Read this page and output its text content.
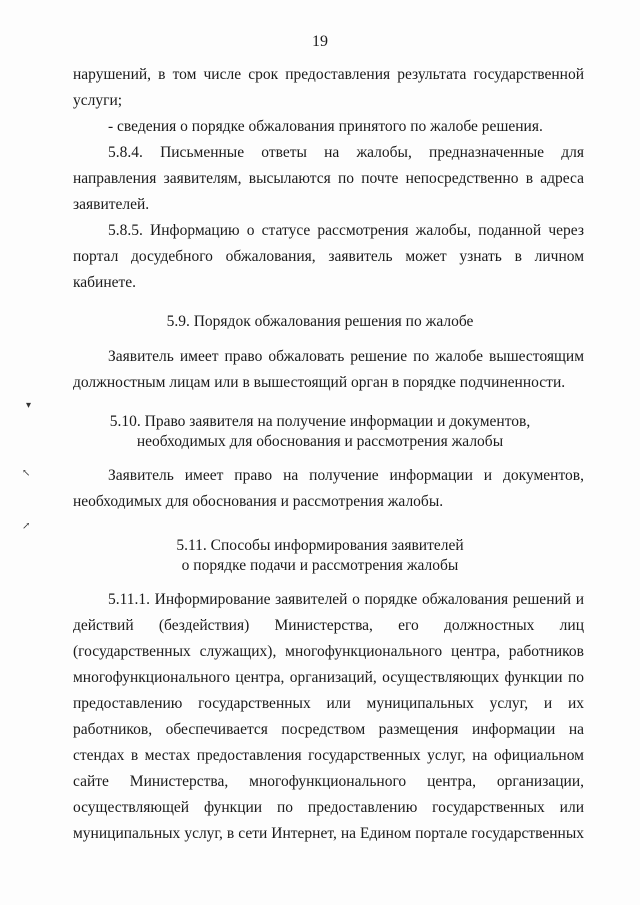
19
нарушений, в том числе срок предоставления результата государственной
услуги;
- сведения о порядке обжалования принятого по жалобе решения.
5.8.4. Письменные ответы на жалобы, предназначенные для
направления заявителям, высылаются по почте непосредственно в адреса
заявителей.
5.8.5. Информацию о статусе рассмотрения жалобы, поданной через
портал досудебного обжалования, заявитель может узнать в личном
кабинете.
5.9. Порядок обжалования решения по жалобе
Заявитель имеет право обжаловать решение по жалобе вышестоящим
должностным лицам или в вышестоящий орган в порядке подчиненности.
5.10. Право заявителя на получение информации и документов,
необходимых для обоснования и рассмотрения жалобы
Заявитель имеет право на получение информации и документов,
необходимых для обоснования и рассмотрения жалобы.
5.11. Способы информирования заявителей
о порядке подачи и рассмотрения жалобы
5.11.1. Информирование заявителей о порядке обжалования решений и
действий (бездействия) Министерства, его должностных лиц
(государственных служащих), многофункционального центра, работников
многофункционального центра, организаций, осуществляющих функции по
предоставлению государственных или муниципальных услуг, и их
работников, обеспечивается посредством размещения информации на
стендах в местах предоставления государственных услуг, на официальном
сайте Министерства, многофункционального центра, организации,
осуществляющей функции по предоставлению государственных или
муниципальных услуг, в сети Интернет, на Едином портале государственных
▾
↖
↗
